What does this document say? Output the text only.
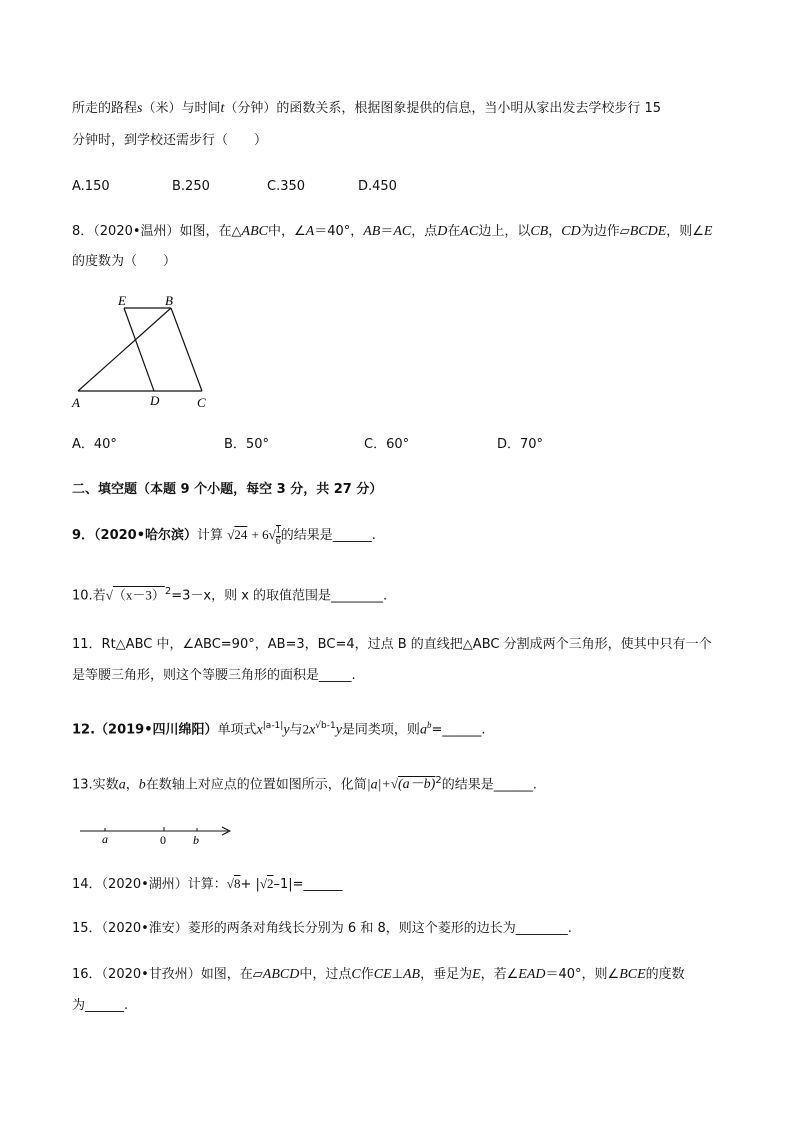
所走的路程s（米）与时间t（分钟）的函数关系，根据图象提供的信息，当小明从家出发去学校步行 15
分钟时，到学校还需步行（　　）
A.150	B.250	C.350	D.450
8．（2020•温州）如图，在△ABC中，∠A＝40°，AB＝AC，点D在AC边上，以CB，CD为边作▱BCDE，则∠E
的度数为（　　）
E	B
A	D	C
A．40°	B．50°	C．60°	D．70°
二、填空题（本题 9 个小题，每空 3 分，共 27 分）
9．（2020•哈尔滨）计算 $√24 + 6√ \frac{1}{6}$ 的结果是______.
10.若$√(x-3)^2=3-x$，则 x 的取值范围是________.
11．Rt△ABC 中，∠ABC=90°，AB=3，BC=4，过点 B 的直线把△ABC 分割成两个三角形，使其中只有一个
是等腰三角形，则这个等腰三角形的面积是_____.
12.（2019•四川绵阳）单项式$x^{|a-1|}y$与$2x^{√b-1}y$是同类项，则$a^b=\_\_\_\_\_\_$.
13.实数a，b在数轴上对应点的位置如图所示，化简$|a|+√(a-b)^2$的结果是______.
a	0 b
14．（2020•湖州）计算：√8+ |√2–1|=______
15．（2020•淮安）菱形的两条对角线长分别为 6 和 8，则这个菱形的边长为________.
16．（2020•甘孜州）如图，在▱ABCD中，过点C作CE⊥AB，垂足为E，若∠EAD＝40°，则∠BCE的度数
为______.
